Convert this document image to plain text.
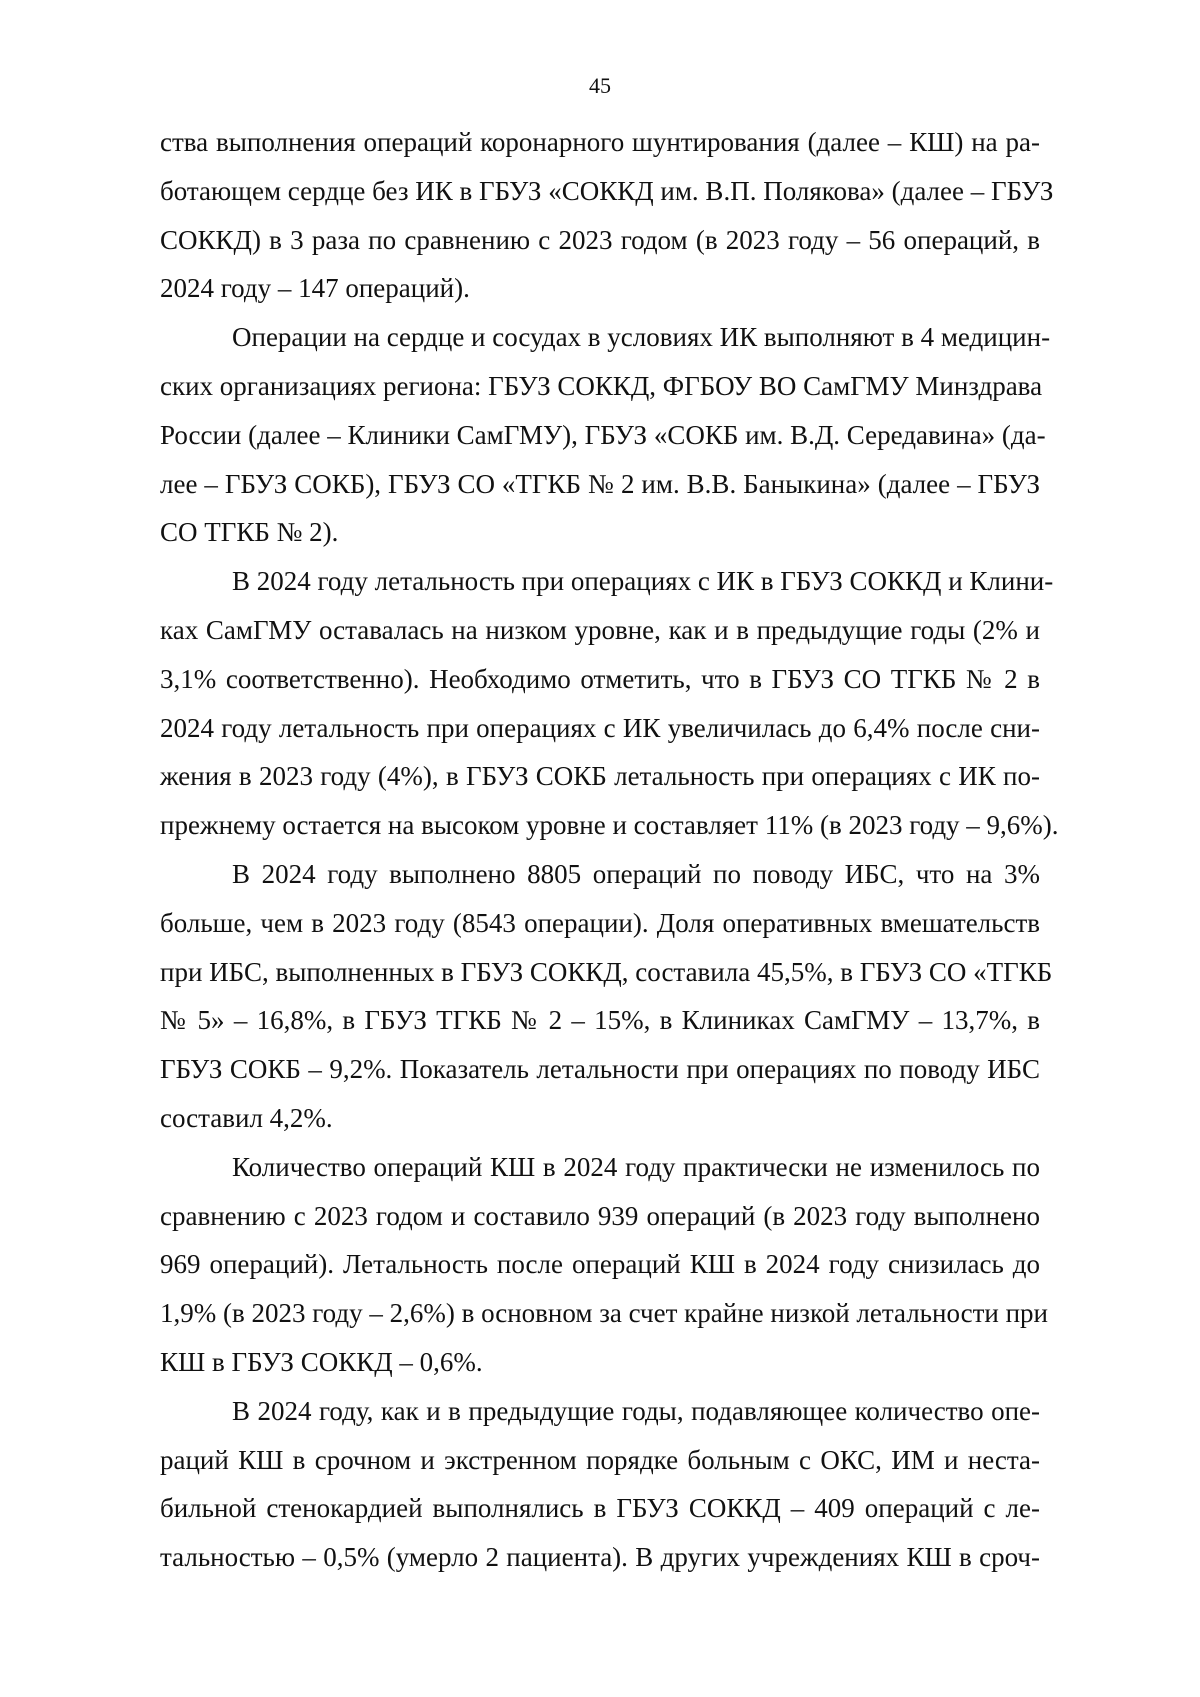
45
ства выполнения операций коронарного шунтирования (далее – КШ) на ра-
ботающем сердце без ИК в ГБУЗ «СОККД им. В.П. Полякова» (далее – ГБУЗ
СОККД) в 3 раза по сравнению с 2023 годом (в 2023 году – 56 операций, в
2024 году – 147 операций).
Операции на сердце и сосудах в условиях ИК выполняют в 4 медицин-
ских организациях региона: ГБУЗ СОККД, ФГБОУ ВО СамГМУ Минздрава
России (далее – Клиники СамГМУ), ГБУЗ «СОКБ им. В.Д. Середавина» (да-
лее – ГБУЗ СОКБ), ГБУЗ СО «ТГКБ № 2 им. В.В. Баныкина» (далее – ГБУЗ
СО ТГКБ № 2).
В 2024 году летальность при операциях с ИК в ГБУЗ СОККД и Клини-
ках СамГМУ оставалась на низком уровне, как и в предыдущие годы (2% и
3,1% соответственно). Необходимо отметить, что в ГБУЗ СО ТГКБ № 2 в
2024 году летальность при операциях с ИК увеличилась до 6,4% после сни-
жения в 2023 году (4%), в ГБУЗ СОКБ летальность при операциях с ИК по-
прежнему остается на высоком уровне и составляет 11% (в 2023 году – 9,6%).
В 2024 году выполнено 8805 операций по поводу ИБС, что на 3%
больше, чем в 2023 году (8543 операции). Доля оперативных вмешательств
при ИБС, выполненных в ГБУЗ СОККД, составила 45,5%, в ГБУЗ СО «ТГКБ
№ 5» – 16,8%, в ГБУЗ ТГКБ № 2 – 15%, в Клиниках СамГМУ – 13,7%, в
ГБУЗ СОКБ – 9,2%. Показатель летальности при операциях по поводу ИБС
составил 4,2%.
Количество операций КШ в 2024 году практически не изменилось по
сравнению с 2023 годом и составило 939 операций (в 2023 году выполнено
969 операций). Летальность после операций КШ в 2024 году снизилась до
1,9% (в 2023 году – 2,6%) в основном за счет крайне низкой летальности при
КШ в ГБУЗ СОККД – 0,6%.
В 2024 году, как и в предыдущие годы, подавляющее количество опе-
раций КШ в срочном и экстренном порядке больным с ОКС, ИМ и неста-
бильной стенокардией выполнялись в ГБУЗ СОККД – 409 операций с ле-
тальностью – 0,5% (умерло 2 пациента). В других учреждениях КШ в сроч-
